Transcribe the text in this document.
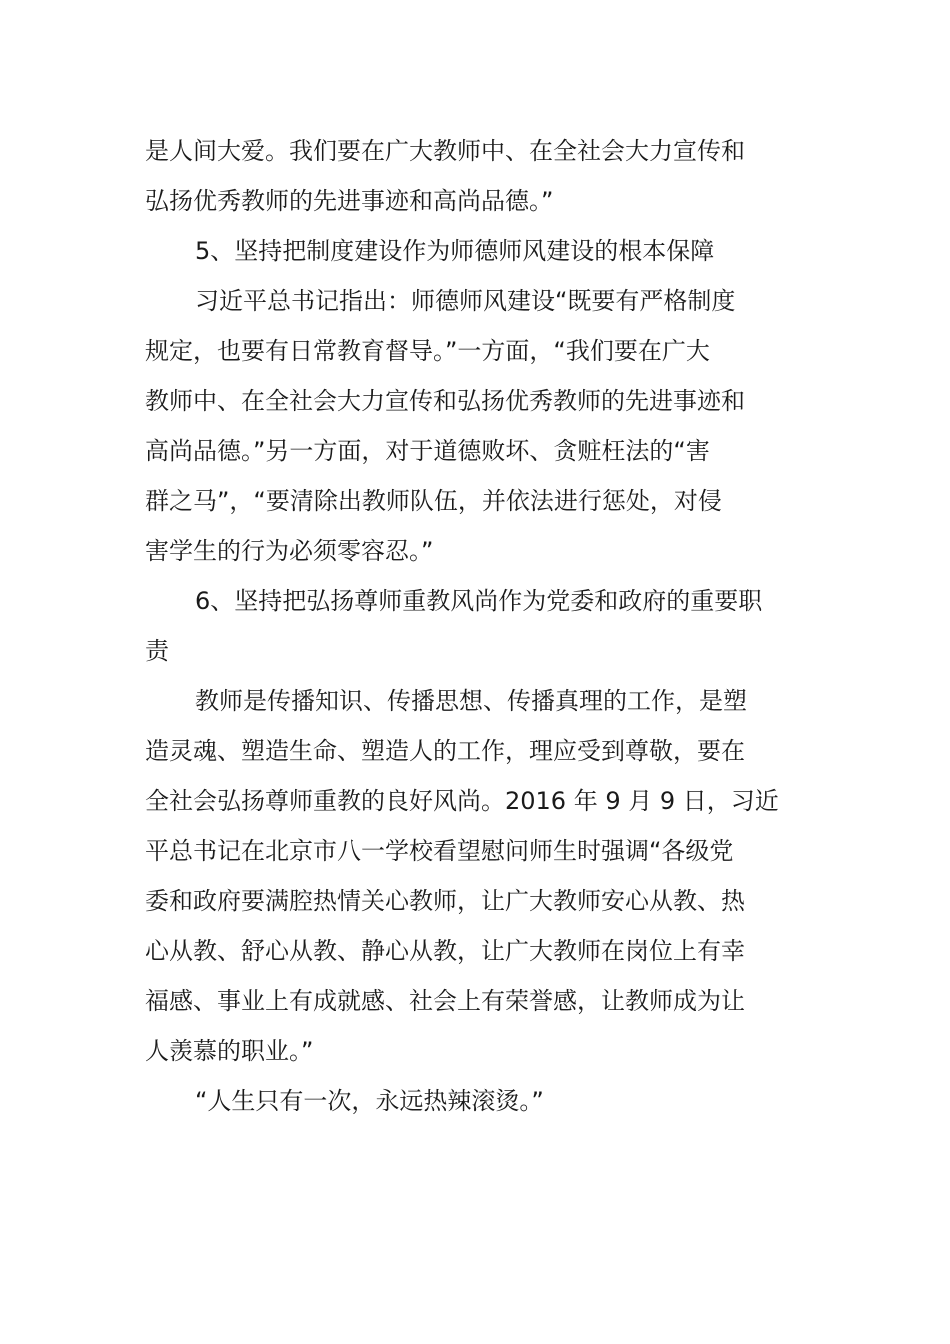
是人间大爱。我们要在广大教师中、在全社会大力宣传和
弘扬优秀教师的先进事迹和高尚品德。”
5、坚持把制度建设作为师德师风建设的根本保障
习近平总书记指出：师德师风建设“既要有严格制度
规定，也要有日常教育督导。”一方面，“我们要在广大
教师中、在全社会大力宣传和弘扬优秀教师的先进事迹和
高尚品德。”另一方面，对于道德败坏、贪赃枉法的“害
群之马”，“要清除出教师队伍，并依法进行惩处，对侵
害学生的行为必须零容忍。”
6、坚持把弘扬尊师重教风尚作为党委和政府的重要职
责
教师是传播知识、传播思想、传播真理的工作，是塑
造灵魂、塑造生命、塑造人的工作，理应受到尊敬，要在
全社会弘扬尊师重教的良好风尚。2016 年 9 月 9 日，习近
平总书记在北京市八一学校看望慰问师生时强调“各级党
委和政府要满腔热情关心教师，让广大教师安心从教、热
心从教、舒心从教、静心从教，让广大教师在岗位上有幸
福感、事业上有成就感、社会上有荣誉感，让教师成为让
人羡慕的职业。”
“人生只有一次，永远热辣滚烫。”
